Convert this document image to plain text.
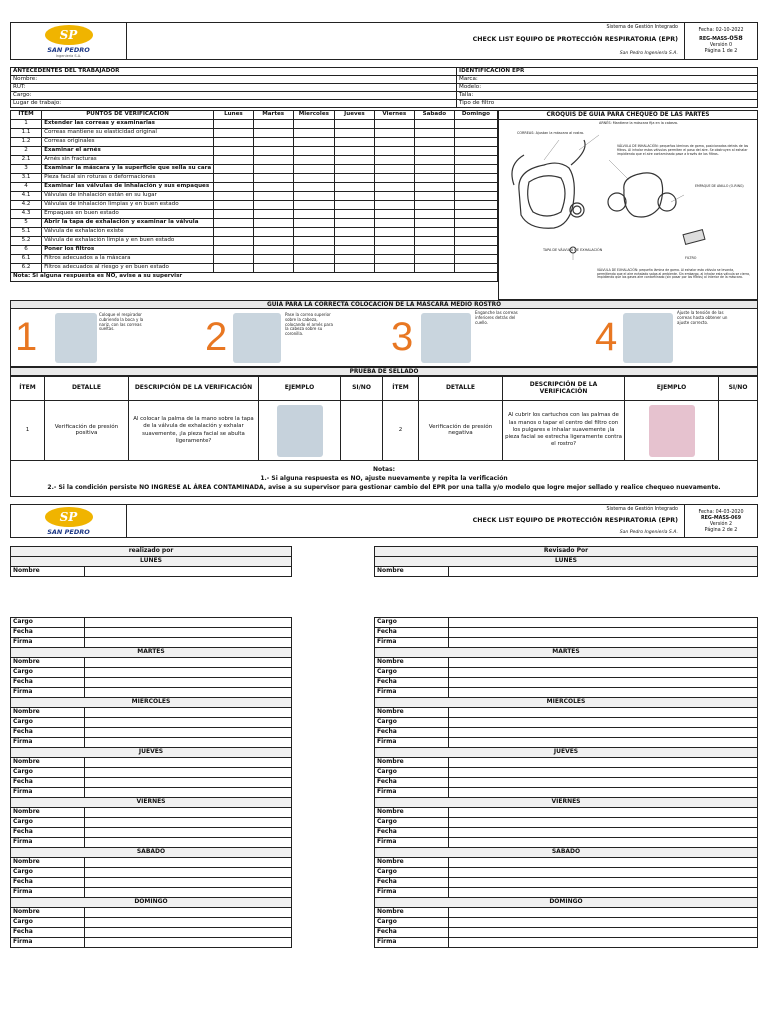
SP
SAN PEDRO
Ingeniería S.A.
Sistema de Gestión Integrado
CHECK LIST EQUIPO DE PROTECCIÓN RESPIRATORIA (EPR)
San Pedro Ingeniería S.A.
Fecha: 02-10-2022
REG-MASS-058
Versión 0
Página 1 de 2
ANTECEDENTES DEL TRABAJADOR	IDENTIFICACIÓN EPR
Nombre:	Marca:
RUT:	Modelo:
Cargo:	Talla:
Lugar de trabajo:	Tipo de filtro
ÍTEM	PUNTOS DE VERIFICACIÓN	Lunes	Martes	Miercoles	Jueves	Viernes	Sabado	Domingo
1	Extender las correas y examinarlas							
1.1	Correas mantiene su elasticidad original							
1.2	Correas originales							
2	Examinar el arnés							
2.1	Arnés sin fracturas							
3	Examinar la máscara y la superficie que sella su cara							
3.1	Pieza facial sin roturas o deformaciones							
4	Examinar las válvulas de inhalación y sus empaques							
4.1	Válvulas de inhalación están en su lugar							
4.2	Válvulas de inhalación limpias y en buen estado							
4.3	Empaques en buen estado							
5	Abrir la tapa de exhalación y examinar la válvula							
5.1	Válvula de exhalación existe							
5.2	Válvula de exhalación limpia y en buen estado							
6	Poner los filtros							
6.1	Filtros adecuados a la máscara							
6.2	Filtros adecuados al riesgo y en buen estado							
Nota: Si alguna respuesta es NO, avise a su supervisr								
CROQUIS DE GUIA PARA CHEQUEO DE LAS PARTES
ARNÉS: Mantiene la máscara fija en la cabeza.
CORREAS: Ajustan la máscara al rostro.
VÁLVULA DE INHALACIÓN: pequeños láminas de goma, posicionadas detrás de los filtros. Al inhalar estas válvulas permiten el paso del aire. Se obstruyen al exhalar impidiendo que el aire contaminado pase a través de los filtros.
EMPAQUE DE ANILLO (O-RING)
TAPA DE VÁLVULA DE EXHALACIÓN
FILTRO
VÁLVULA DE EXHALACIÓN: pequeña lámina de goma. Al exhalar esta válvula se levanta, permitiendo que el aire exhalado salga al ambiente. Sin embargo, al inhalar esta válvula se cierra, impidiendo que los gases aire contaminado (sin pasar por los filtros) al interior de la máscara.
GUÍA PARA LA CORRECTA COLOCACIÓN DE LA MÁSCARA MEDIO ROSTRO
1
Coloque el respirador cubriendo la boca y la nariz, con las correas sueltas.	2
Pase la correa superior sobre la cabeza, colocando el arnés para la cabeza sobre su coronilla.	3
Enganche las correas inferiores detrás del cuello.	4
Ajuste la tensión de las correas hasta obtener un ajuste correcto.
PRUEBA DE SELLADO
ÍTEM	DETALLE	DESCRIPCIÓN DE LA VERIFICACIÓN	EJEMPLO	SI/NO	ÍTEM	DETALLE	DESCRIPCIÓN DE LA VERIFICACIÓN	EJEMPLO	SI/NO
1	Verificación de presión positiva	Al colocar la palma de la mano sobre la tapa de la válvula de exhalación y exhalar suavemente, ¡la pieza facial se abulta ligeramente?			2	Verificación de presión negativa	Al cubrir los cartuchos con las palmas de las manos o tapar el centro del filtro con los pulgares e inhalar suavemente ¡la pieza facial se estrecha ligeramente contra el rostro?	

Notas:
1.- Si alguna respuesta es NO, ajuste nuevamente y repita la verificación
2.- Si la condición persiste NO INGRESE AL ÁREA CONTAMINADA, avise a su supervisor para gestionar cambio del EPR por una talla y/o modelo que logre mejor sellado y realice chequeo nuevamente.									
SP
SAN PEDRO
Sistema de Gestión Integrado
CHECK LIST EQUIPO DE PROTECCIÓN RESPIRATORIA (EPR)
San Pedro Ingeniería S.A.
Fecha: 04-03-2020
REG-MASS-069
Versión 2
Página 2 de 2
realizado por
LUNES
Nombre	
Cargo	
Fecha	
Firma	
MARTES	
Nombre	
Cargo	
Fecha	
Firma	
MIERCOLES	
Nombre	
Cargo	
Fecha	
Firma	
JUEVES	
Nombre	
Cargo	
Fecha	
Firma	
VIERNES	
Nombre	
Cargo	
Fecha	
Firma	
SABADO	
Nombre	
Cargo	
Fecha	
Firma	
DOMINGO	
Nombre	
Cargo	
Fecha	
Firma	
Revisado Por
LUNES
Nombre	
Cargo	
Fecha	
Firma	
MARTES	
Nombre	
Cargo	
Fecha	
Firma	
MIERCOLES	
Nombre	
Cargo	
Fecha	
Firma	
JUEVES	
Nombre	
Cargo	
Fecha	
Firma	
VIERNES	
Nombre	
Cargo	
Fecha	
Firma	
SABADO	
Nombre	
Cargo	
Fecha	
Firma	
DOMINGO	
Nombre	
Cargo	
Fecha	
Firma	
